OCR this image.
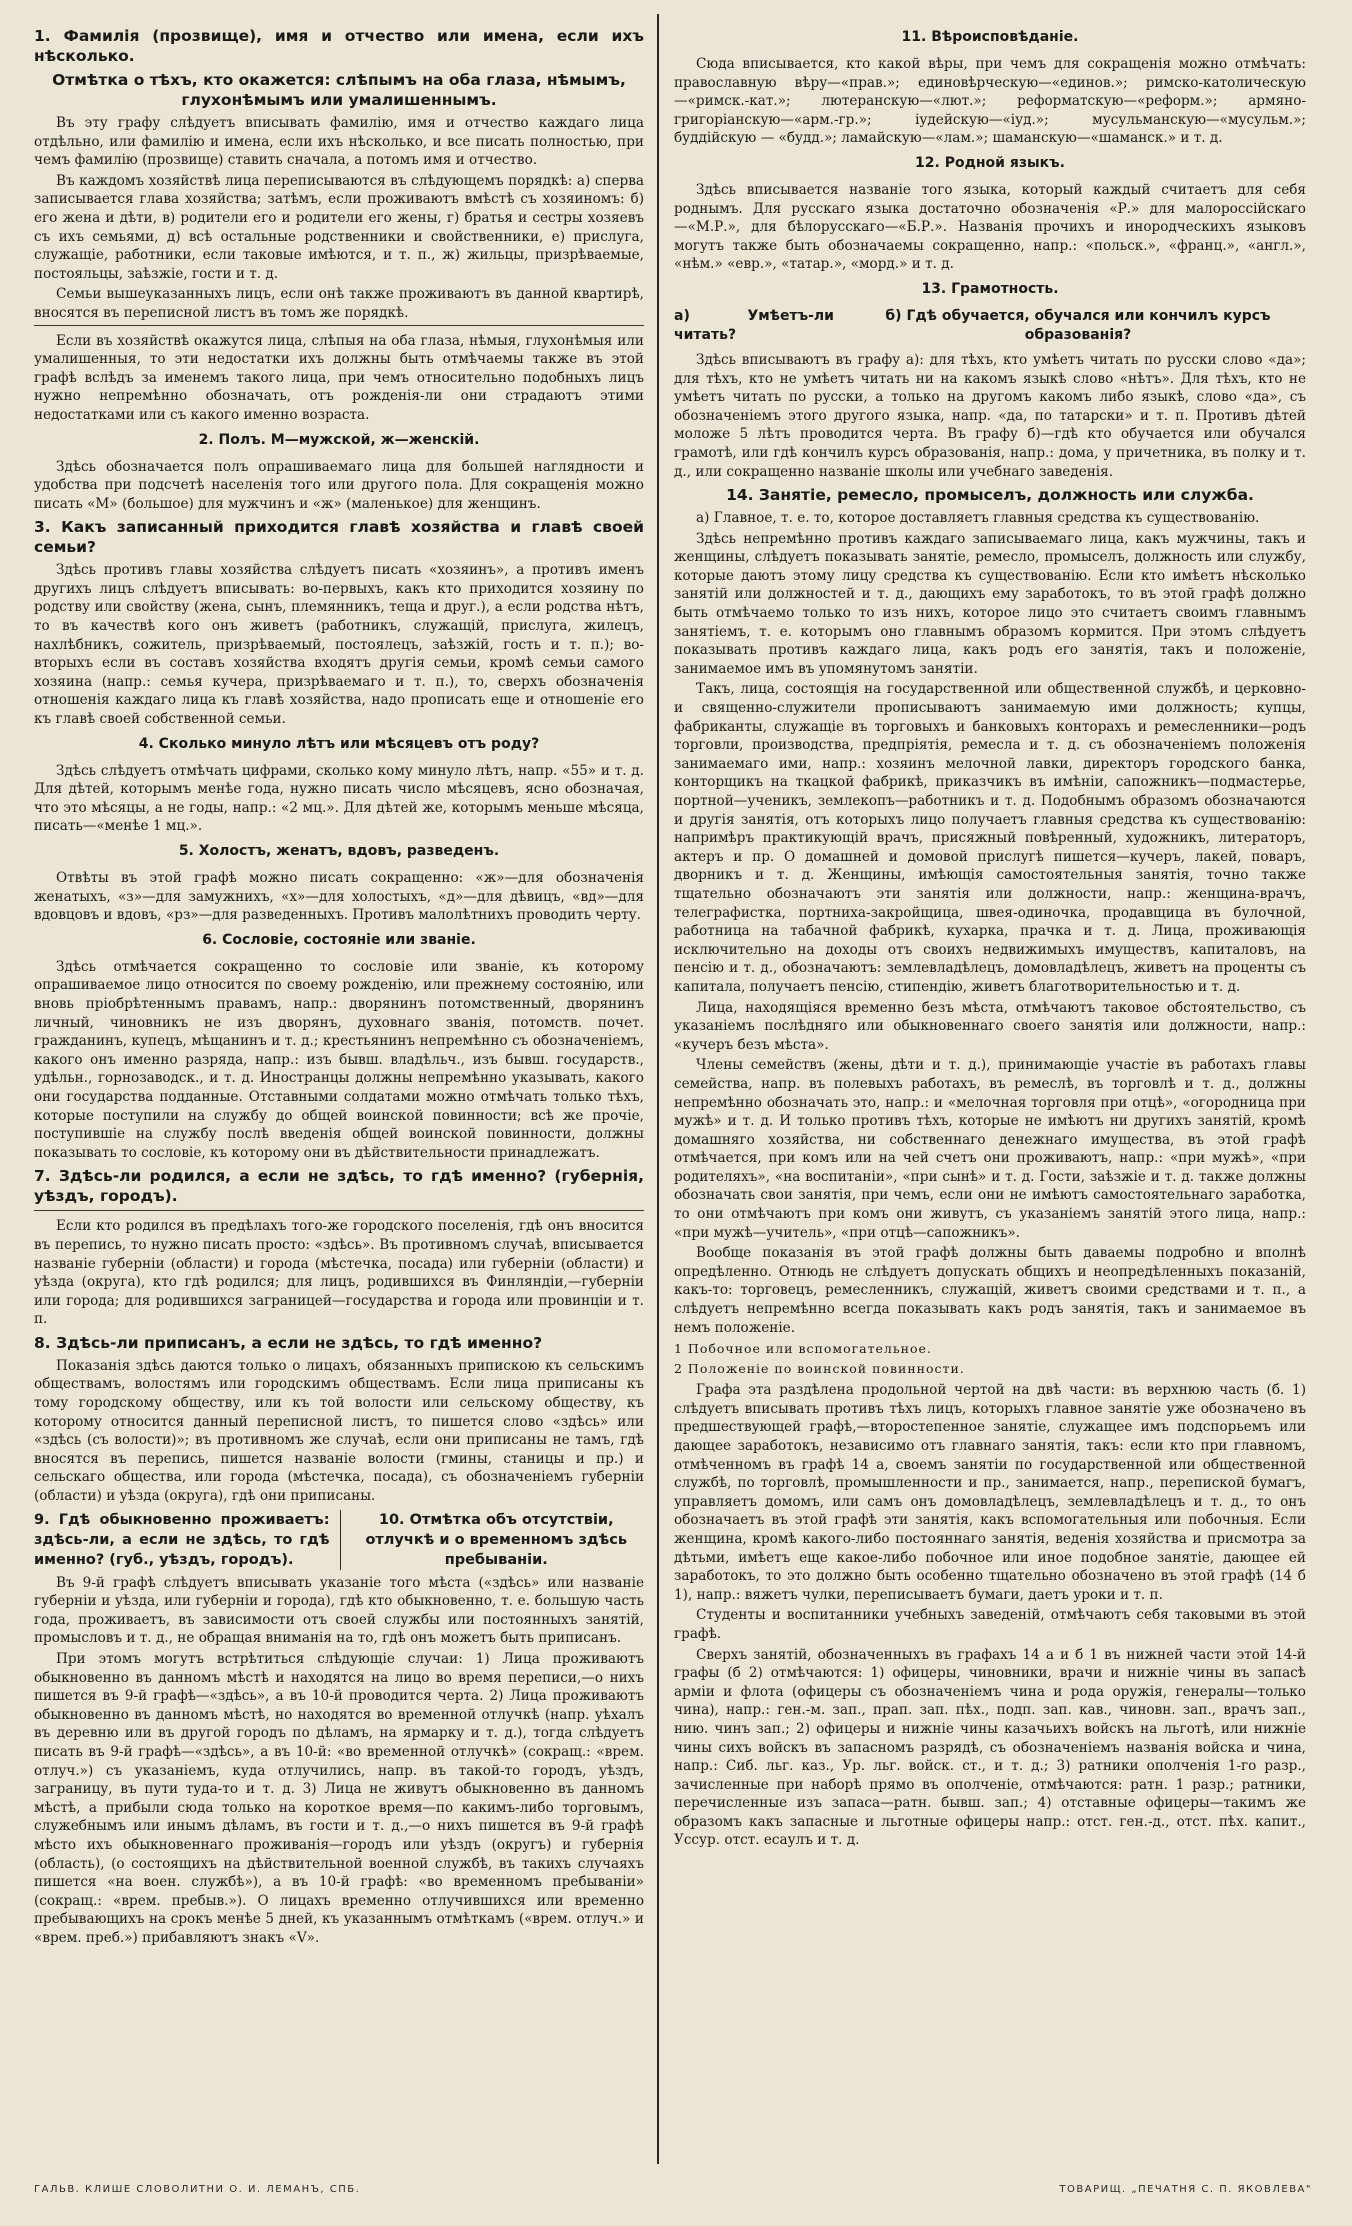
1. Фамилія (прозвище), имя и отчество или имена, если ихъ нѣсколько.
Отмѣтка о тѣхъ, кто окажется: слѣпымъ на оба глаза, нѣмымъ, глухонѣмымъ или умалишеннымъ.

Въ эту графу слѣдуетъ вписывать фамилію, имя и отчество каждаго лица отдѣльно, или фамилію и имена, если ихъ нѣсколько, и все писать полностью, при чемъ фамилію (прозвище) ставить сначала, а потомъ имя и отчество.

Въ каждомъ хозяйствѣ лица переписываются въ слѣдующемъ порядкѣ: а) сперва записывается глава хозяйства; затѣмъ, если проживаютъ вмѣстѣ съ хозяиномъ: б) его жена и дѣти, в) родители его и родители его жены, г) братья и сестры хозяевъ съ ихъ семьями, д) всѣ остальные родственники и свойственники, е) прислуга, служащіе, работники, если таковые имѣются, и т. п., ж) жильцы, призрѣваемые, постояльцы, заѣзжіе, гости и т. д.

Семьи вышеуказанныхъ лицъ, если онѣ также проживаютъ въ данной квартирѣ, вносятся въ переписной листъ въ томъ же порядкѣ.

Если въ хозяйствѣ окажутся лица, слѣпыя на оба глаза, нѣмыя, глухонѣмыя или умалишенныя, то эти недостатки ихъ должны быть отмѣчаемы также въ этой графѣ вслѣдъ за именемъ такого лица, при чемъ относительно подобныхъ лицъ нужно непремѣнно обозначать, отъ рожденія-ли они страдаютъ этими недостатками или съ какого именно возраста.

2. Полъ. М—мужской, ж—женскій.

Здѣсь обозначается полъ опрашиваемаго лица для большей наглядности и удобства при подсчетѣ населенія того или другого пола. Для сокращенія можно писать «М» (большое) для мужчинъ и «ж» (маленькое) для женщинъ.

3. Какъ записанный приходится главѣ хозяйства и главѣ своей семьи?

Здѣсь противъ главы хозяйства слѣдуетъ писать «хозяинъ», а противъ именъ другихъ лицъ слѣдуетъ вписывать: во-первыхъ, какъ кто приходится хозяину по родству или свойству (жена, сынъ, племянникъ, теща и друг.), а если родства нѣтъ, то въ качествѣ кого онъ живетъ (работникъ, служащій, прислуга, жилецъ, нахлѣбникъ, сожитель, призрѣваемый, постоялецъ, заѣзжій, гость и т. п.); во-вторыхъ если въ составъ хозяйства входятъ другія семьи, кромѣ семьи самого хозяина (напр.: семья кучера, призрѣваемаго и т. п.), то, сверхъ обозначенія отношенія каждаго лица къ главѣ хозяйства, надо прописать еще и отношеніе его къ главѣ своей собственной семьи.

4. Сколько минуло лѣтъ или мѣсяцевъ отъ роду?

Здѣсь слѣдуетъ отмѣчать цифрами, сколько кому минуло лѣтъ, напр. «55» и т. д. Для дѣтей, которымъ менѣе года, нужно писать число мѣсяцевъ, ясно обозначая, что это мѣсяцы, а не годы, напр.: «2 мц.». Для дѣтей же, которымъ меньше мѣсяца, писать—«менѣе 1 мц.».

5. Холостъ, женатъ, вдовъ, разведенъ.

Отвѣты въ этой графѣ можно писать сокращенно: «ж»—для обозначенія женатыхъ, «з»—для замужнихъ, «х»—для холостыхъ, «д»—для дѣвицъ, «вд»—для вдовцовъ и вдовъ, «рз»—для разведенныхъ. Противъ малолѣтнихъ проводить черту.

6. Сословіе, состояніе или званіе.

Здѣсь отмѣчается сокращенно то сословіе или званіе, къ которому опрашиваемое лицо относится по своему рожденію, или прежнему состоянію, или вновь пріобрѣтеннымъ правамъ, напр.: дворянинъ потомственный, дворянинъ личный, чиновникъ не изъ дворянъ, духовнаго званія, потомств. почет. гражданинъ, купецъ, мѣщанинъ и т. д.; крестьянинъ непремѣнно съ обозначеніемъ, какого онъ именно разряда, напр.: изъ бывш. владѣльч., изъ бывш. государств., удѣльн., горнозаводск., и т. д. Иностранцы должны непремѣнно указывать, какого они государства подданные. Отставными солдатами можно отмѣчать только тѣхъ, которые поступили на службу до общей воинской повинности; всѣ же прочіе, поступившіе на службу послѣ введенія общей воинской повинности, должны показывать то сословіе, къ которому они въ дѣйствительности принадлежатъ.

7. Здѣсь-ли родился, а если не здѣсь, то гдѣ именно? (губернія, уѣздъ, городъ).

Если кто родился въ предѣлахъ того-же городского поселенія, гдѣ онъ вносится въ перепись, то нужно писать просто: «здѣсь». Въ противномъ случаѣ, вписывается названіе губерніи (области) и города (мѣстечка, посада) или губерніи (области) и уѣзда (округа), кто гдѣ родился; для лицъ, родившихся въ Финляндіи,—губерніи или города; для родившихся заграницей—государства и города или провинціи и т. п.

8. Здѣсь-ли приписанъ, а если не здѣсь, то гдѣ именно?

Показанія здѣсь даются только о лицахъ, обязанныхъ припискою къ сельскимъ обществамъ, волостямъ или городскимъ обществамъ. Если лица приписаны къ тому городскому обществу, или къ той волости или сельскому обществу, къ которому относится данный переписной листъ, то пишется слово «здѣсь» или «здѣсь (съ волости)»; въ противномъ же случаѣ, если они приписаны не тамъ, гдѣ вносятся въ перепись, пишется названіе волости (гмины, станицы и пр.) и сельскаго общества, или города (мѣстечка, посада), съ обозначеніемъ губерніи (области) и уѣзда (округа), гдѣ они приписаны.

9. Гдѣ обыкновенно проживаетъ: здѣсь-ли, а если не здѣсь, то гдѣ именно? (губ., уѣздъ, городъ).
10. Отмѣтка объ отсутствіи, отлучкѣ и о временномъ здѣсь пребываніи.

Въ 9-й графѣ слѣдуетъ вписывать указаніе того мѣста («здѣсь» или названіе губерніи и уѣзда, или губерніи и города), гдѣ кто обыкновенно, т. е. большую часть года, проживаетъ, въ зависимости отъ своей службы или постоянныхъ занятій, промысловъ и т. д., не обращая вниманія на то, гдѣ онъ можетъ быть приписанъ.

При этомъ могутъ встрѣтиться слѣдующіе случаи: 1) Лица проживаютъ обыкновенно въ данномъ мѣстѣ и находятся на лицо во время переписи,—о нихъ пишется въ 9-й графѣ—«здѣсь», а въ 10-й проводится черта. 2) Лица проживаютъ обыкновенно въ данномъ мѣстѣ, но находятся во временной отлучкѣ (напр. уѣхалъ въ деревню или въ другой городъ по дѣламъ, на ярмарку и т. д.), тогда слѣдуетъ писать въ 9-й графѣ—«здѣсь», а въ 10-й: «во временной отлучкѣ» (сокращ.: «врем. отлуч.») съ указаніемъ, куда отлучились, напр. въ такой-то городъ, уѣздъ, заграницу, въ пути туда-то и т. д. 3) Лица не живутъ обыкновенно въ данномъ мѣстѣ, а прибыли сюда только на короткое время—по какимъ-либо торговымъ, служебнымъ или инымъ дѣламъ, въ гости и т. д.,—о нихъ пишется въ 9-й графѣ мѣсто ихъ обыкновеннаго проживанія—городъ или уѣздъ (округъ) и губернія (область), (о состоящихъ на дѣйствительной военной службѣ, въ такихъ случаяхъ пишется «на воен. службѣ»), а въ 10-й графѣ: «во временномъ пребываніи» (сокращ.: «врем. пребыв.»). О лицахъ временно отлучившихся или временно пребывающихъ на срокъ менѣе 5 дней, къ указаннымъ отмѣткамъ («врем. отлуч.» и «врем. преб.») прибавляютъ знакъ «V».

11. Вѣроисповѣданіе.

Сюда вписывается, кто какой вѣры, при чемъ для сокращенія можно отмѣчать: православную вѣру—«прав.»; единовѣрческую—«единов.»; римско-католическую—«римск.-кат.»; лютеранскую—«лют.»; реформатскую—«реформ.»; армяно-григоріанскую—«арм.-гр.»; іудейскую—«іуд.»; мусульманскую—«мусульм.»; буддійскую — «будд.»; ламайскую—«лам.»; шаманскую—«шаманск.» и т. д.

12. Родной языкъ.

Здѣсь вписывается названіе того языка, который каждый считаетъ для себя роднымъ. Для русскаго языка достаточно обозначенія «Р.» для малороссійскаго—«М.Р.», для бѣлорусскаго—«Б.Р.». Названія прочихъ и инородческихъ языковъ могутъ также быть обозначаемы сокращенно, напр.: «польск.», «франц.», «англ.», «нѣм.» «евр.», «татар.», «морд.» и т. д.

13. Грамотность.
а) Умѣетъ-ли читать?
б) Гдѣ обучается, обучался или кончилъ курсъ образованія?

Здѣсь вписываютъ въ графу а): для тѣхъ, кто умѣетъ читать по русски слово «да»; для тѣхъ, кто не умѣетъ читать ни на какомъ языкѣ слово «нѣтъ». Для тѣхъ, кто не умѣетъ читать по русски, а только на другомъ какомъ либо языкѣ, слово «да», съ обозначеніемъ этого другого языка, напр. «да, по татарски» и т. п. Противъ дѣтей моложе 5 лѣтъ проводится черта. Въ графу б)—гдѣ кто обучается или обучался грамотѣ, или гдѣ кончилъ курсъ образованія, напр.: дома, у причетника, въ полку и т. д., или сокращенно названіе школы или учебнаго заведенія.

14. Занятіе, ремесло, промыселъ, должность или служба.

а) Главное, т. е. то, которое доставляетъ главныя средства къ существованію.

Здѣсь непремѣнно противъ каждаго записываемаго лица, какъ мужчины, такъ и женщины, слѣдуетъ показывать занятіе, ремесло, промыселъ, должность или службу, которые даютъ этому лицу средства къ существованію. Если кто имѣетъ нѣсколько занятій или должностей и т. д., дающихъ ему заработокъ, то въ этой графѣ должно быть отмѣчаемо только то изъ нихъ, которое лицо это считаетъ своимъ главнымъ занятіемъ, т. е. которымъ оно главнымъ образомъ кормится. При этомъ слѣдуетъ показывать противъ каждаго лица, какъ родъ его занятія, такъ и положеніе, занимаемое имъ въ упомянутомъ занятіи.

Такъ, лица, состоящія на государственной или общественной службѣ, и церковно- и священно-служители прописываютъ занимаемую ими должность; купцы, фабриканты, служащіе въ торговыхъ и банковыхъ конторахъ и ремесленники—родъ торговли, производства, предпріятія, ремесла и т. д. съ обозначеніемъ положенія занимаемаго ими, напр.: хозяинъ мелочной лавки, директоръ городского банка, конторщикъ на ткацкой фабрикѣ, приказчикъ въ имѣніи, сапожникъ—подмастерье, портной—ученикъ, землекопъ—работникъ и т. д. Подобнымъ образомъ обозначаются и другія занятія, отъ которыхъ лицо получаетъ главныя средства къ существованію: напримѣръ практикующій врачъ, присяжный повѣренный, художникъ, литераторъ, актеръ и пр. О домашней и домовой прислугѣ пишется—кучеръ, лакей, поваръ, дворникъ и т. д. Женщины, имѣющія самостоятельныя занятія, точно также тщательно обозначаютъ эти занятія или должности, напр.: женщина-врачъ, телеграфистка, портниха-закройщица, швея-одиночка, продавщица въ булочной, работница на табачной фабрикѣ, кухарка, прачка и т. д. Лица, проживающія исключительно на доходы отъ своихъ недвижимыхъ имуществъ, капиталовъ, на пенсію и т. д., обозначаютъ: землевладѣлецъ, домовладѣлецъ, живетъ на проценты съ капитала, получаетъ пенсію, стипендію, живетъ благотворительностью и т. д.

Лица, находящіяся временно безъ мѣста, отмѣчаютъ таковое обстоятельство, съ указаніемъ послѣдняго или обыкновеннаго своего занятія или должности, напр.: «кучеръ безъ мѣста».

Члены семействъ (жены, дѣти и т. д.), принимающіе участіе въ работахъ главы семейства, напр. въ полевыхъ работахъ, въ ремеслѣ, въ торговлѣ и т. д., должны непремѣнно обозначать это, напр.: и «мелочная торговля при отцѣ», «огородница при мужѣ» и т. д. И только противъ тѣхъ, которые не имѣютъ ни другихъ занятій, кромѣ домашняго хозяйства, ни собственнаго денежнаго имущества, въ этой графѣ отмѣчается, при комъ или на чей счетъ они проживаютъ, напр.: «при мужѣ», «при родителяхъ», «на воспитаніи», «при сынѣ» и т. д. Гости, заѣзжіе и т. д. также должны обозначать свои занятія, при чемъ, если они не имѣютъ самостоятельнаго заработка, то они отмѣчаютъ при комъ они живутъ, съ указаніемъ занятій этого лица, напр.: «при мужѣ—учитель», «при отцѣ—сапожникъ».

Вообще показанія въ этой графѣ должны быть даваемы подробно и вполнѣ опредѣленно. Отнюдь не слѣдуетъ допускать общихъ и неопредѣленныхъ показаній, какъ-то: торговецъ, ремесленникъ, служащій, живетъ своими средствами и т. п., а слѣдуетъ непремѣнно всегда показывать какъ родъ занятія, такъ и занимаемое въ немъ положеніе.

1 Побочное или вспомогательное.
2 Положеніе по воинской повинности.

Графа эта раздѣлена продольной чертой на двѣ части: въ верхнюю часть (б. 1) слѣдуетъ вписывать противъ тѣхъ лицъ, которыхъ главное занятіе уже обозначено въ предшествующей графѣ,—второстепенное занятіе, служащее имъ подспорьемъ или дающее заработокъ, независимо отъ главнаго занятія, такъ: если кто при главномъ, отмѣченномъ въ графѣ 14 а, своемъ занятіи по государственной или общественной службѣ, по торговлѣ, промышленности и пр., занимается, напр., перепиской бумагъ, управляетъ домомъ, или самъ онъ домовладѣлецъ, землевладѣлецъ и т. д., то онъ обозначаетъ въ этой графѣ эти занятія, какъ вспомогательныя или побочныя. Если женщина, кромѣ какого-либо постояннаго занятія, веденія хозяйства и присмотра за дѣтьми, имѣетъ еще какое-либо побочное или иное подобное занятіе, дающее ей заработокъ, то это должно быть особенно тщательно обозначено въ этой графѣ (14 б 1), напр.: вяжетъ чулки, переписываетъ бумаги, даетъ уроки и т. п.

Студенты и воспитанники учебныхъ заведеній, отмѣчаютъ себя таковыми въ этой графѣ.

Сверхъ занятій, обозначенныхъ въ графахъ 14 а и б 1 въ нижней части этой 14-й графы (б 2) отмѣчаются: 1) офицеры, чиновники, врачи и нижніе чины въ запасѣ арміи и флота (офицеры съ обозначеніемъ чина и рода оружія, генералы—только чина), напр.: ген.-м. зап., прап. зап. пѣх., подп. зап. кав., чиновн. зап., врачъ зап., нию. чинъ зап.; 2) офицеры и нижніе чины казачьихъ войскъ на льготѣ, или нижніе чины сихъ войскъ въ запасномъ разрядѣ, съ обозначеніемъ названія войска и чина, напр.: Сиб. льг. каз., Ур. льг. войск. ст., и т. д.; 3) ратники ополченія 1-го разр., зачисленные при наборѣ прямо въ ополченіе, отмѣчаются: ратн. 1 разр.; ратники, перечисленные изъ запаса—ратн. бывш. зап.; 4) отставные офицеры—такимъ же образомъ какъ запасные и льготные офицеры напр.: отст. ген.-д., отст. пѣх. капит., Уссур. отст. есаулъ и т. д.

ГАЛЬВ. КЛИШЕ СЛОВОЛИТНИ О. И. ЛЕМАНЪ, СПБ.	ТОВАРИЩ. „ПЕЧАТНЯ С. П. ЯКОВЛЕВА"
